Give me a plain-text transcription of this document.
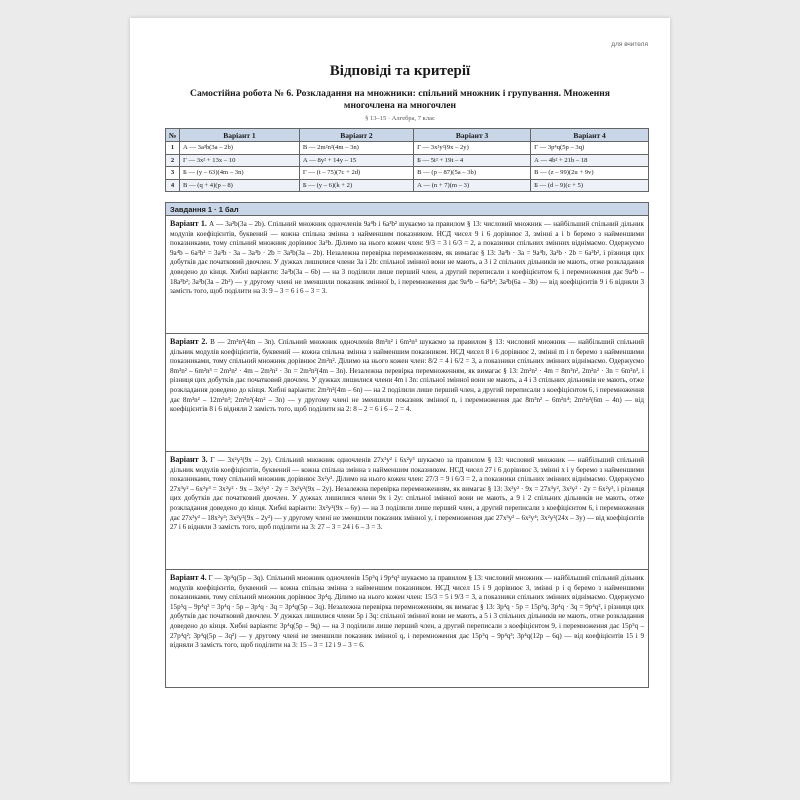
для вчителя
Відповіді та критерії
Самостійна робота № 6. Розкладання на множники: спільний множник і групування. Множення многочлена на многочлен
§ 13–15 · Алгебра, 7 клас
№	Варіант 1	Варіант 2	Варіант 3	Варіант 4
1	А — 3a³b(3a – 2b)	В — 2m²n²(4m – 3n)	Г — 3x²y²(9x – 2y)	Г — 3p⁴q(5p – 3q)
2	Г — 3x² + 13x – 10	А — 8y² + 14y – 15	Б — 5t² + 19t – 4	А — 4b² + 21b – 18
3	Б — (y – 63)(4m – 3n)	Г — (t – 75)(7c + 2d)	В — (p – 87)(5a – 3b)	В — (z – 99)(2u + 9v)
4	В — (q + 4)(p – 8)	Б — (y – 6)(k + 2)	А — (n + 7)(m – 3)	Б — (d – 9)(c + 5)
Завдання 1 · 1 бал
Варіант 1. А — 3a³b(3a – 2b). Спільний множник одночленів 9a⁴b і 6a³b² шукаємо за правилом § 13: числовий множник — найбільший спільний дільник модулів коефіцієнтів, буквений — кожна спільна змінна з найменшим показником. НСД чисел 9 і 6 дорівнює 3, змінні a і b беремо з найменшими показниками, тому спільний множник дорівнює 3a³b. Ділимо на нього кожен член: 9/3 = 3 і 6/3 = 2, а показники спільних змінних віднімаємо. Одержуємо 9a⁴b – 6a³b² = 3a³b · 3a – 3a³b · 2b = 3a³b(3a – 2b). Незалежна перевірка перемноженням, як вимагає § 13: 3a³b · 3a = 9a⁴b, 3a³b · 2b = 6a³b², і різниця цих добутків дає початковий двочлен. У дужках лишилися члени 3a і 2b: спільної змінної вони не мають, а 3 і 2 спільних дільників не мають, отже розкладання доведено до кінця. Хибні варіанти: 3a³b(3a – 6b) — на 3 поділили лише перший член, а другий переписали з коефіцієнтом 6, і перемноження дає 9a⁴b – 18a³b²; 3a³b(3a – 2b²) — у другому члені не зменшили показник змінної b, і перемноження дає 9a⁴b – 6a³b³; 3a³b(6a – 3b) — від коефіцієнтів 9 і 6 відняли 3 замість того, щоб поділити на 3: 9 – 3 = 6 і 6 – 3 = 3.
Варіант 2. В — 2m²n²(4m – 3n). Спільний множник одночленів 8m³n² і 6m²n³ шукаємо за правилом § 13: числовий множник — найбільший спільний дільник модулів коефіцієнтів, буквений — кожна спільна змінна з найменшим показником. НСД чисел 8 і 6 дорівнює 2, змінні m і n беремо з найменшими показниками, тому спільний множник дорівнює 2m²n². Ділимо на нього кожен член: 8/2 = 4 і 6/2 = 3, а показники спільних змінних віднімаємо. Одержуємо 8m³n² – 6m²n³ = 2m²n² · 4m – 2m²n² · 3n = 2m²n²(4m – 3n). Незалежна перевірка перемноженням, як вимагає § 13: 2m²n² · 4m = 8m³n², 2m²n² · 3n = 6m²n³, і різниця цих добутків дає початковий двочлен. У дужках лишилися члени 4m і 3n: спільної змінної вони не мають, а 4 і 3 спільних дільників не мають, отже розкладання доведено до кінця. Хибні варіанти: 2m²n²(4m – 6n) — на 2 поділили лише перший член, а другий переписали з коефіцієнтом 6, і перемноження дає 8m³n² – 12m²n³; 2m²n²(4m² – 3n) — у другому члені не зменшили показник змінної n, і перемноження дає 8m³n² – 6m²n⁴; 2m²n²(6m – 4n) — від коефіцієнтів 8 і 6 відняли 2 замість того, щоб поділити на 2: 8 – 2 = 6 і 6 – 2 = 4.
Варіант 3. Г — 3x²y²(9x – 2y). Спільний множник одночленів 27x³y² і 6x²y³ шукаємо за правилом § 13: числовий множник — найбільший спільний дільник модулів коефіцієнтів, буквений — кожна спільна змінна з найменшим показником. НСД чисел 27 і 6 дорівнює 3, змінні x і y беремо з найменшими показниками, тому спільний множник дорівнює 3x²y². Ділимо на нього кожен член: 27/3 = 9 і 6/3 = 2, а показники спільних змінних віднімаємо. Одержуємо 27x³y² – 6x²y³ = 3x²y² · 9x – 3x²y² · 2y = 3x²y²(9x – 2y). Незалежна перевірка перемноженням, як вимагає § 13: 3x²y² · 9x = 27x³y², 3x²y² · 2y = 6x²y³, і різниця цих добутків дає початковий двочлен. У дужках лишилися члени 9x і 2y: спільної змінної вони не мають, а 9 і 2 спільних дільників не мають, отже розкладання доведено до кінця. Хибні варіанти: 3x²y²(9x – 6y) — на 3 поділили лише перший член, а другий переписали з коефіцієнтом 6, і перемноження дає 27x³y² – 18x²y³; 3x²y²(9x – 2y²) — у другому члені не зменшили показник змінної y, і перемноження дає 27x³y² – 6x²y⁴; 3x²y²(24x – 3y) — від коефіцієнтів 27 і 6 відняли 3 замість того, щоб поділити на 3: 27 – 3 = 24 і 6 – 3 = 3.
Варіант 4. Г — 3p⁴q(5p – 3q). Спільний множник одночленів 15p⁵q і 9p⁴q² шукаємо за правилом § 13: числовий множник — найбільший спільний дільник модулів коефіцієнтів, буквений — кожна спільна змінна з найменшим показником. НСД чисел 15 і 9 дорівнює 3, змінні p і q беремо з найменшими показниками, тому спільний множник дорівнює 3p⁴q. Ділимо на нього кожен член: 15/3 = 5 і 9/3 = 3, а показники спільних змінних віднімаємо. Одержуємо 15p⁵q – 9p⁴q² = 3p⁴q · 5p – 3p⁴q · 3q = 3p⁴q(5p – 3q). Незалежна перевірка перемноженням, як вимагає § 13: 3p⁴q · 5p = 15p⁵q, 3p⁴q · 3q = 9p⁴q², і різниця цих добутків дає початковий двочлен. У дужках лишилися члени 5p і 3q: спільної змінної вони не мають, а 5 і 3 спільних дільників не мають, отже розкладання доведено до кінця. Хибні варіанти: 3p⁴q(5p – 9q) — на 3 поділили лише перший член, а другий переписали з коефіцієнтом 9, і перемноження дає 15p⁵q – 27p⁴q²; 3p⁴q(5p – 3q²) — у другому члені не зменшили показник змінної q, і перемноження дає 15p⁵q – 9p⁴q³; 3p⁴q(12p – 6q) — від коефіцієнтів 15 і 9 відняли 3 замість того, щоб поділити на 3: 15 – 3 = 12 і 9 – 3 = 6.
